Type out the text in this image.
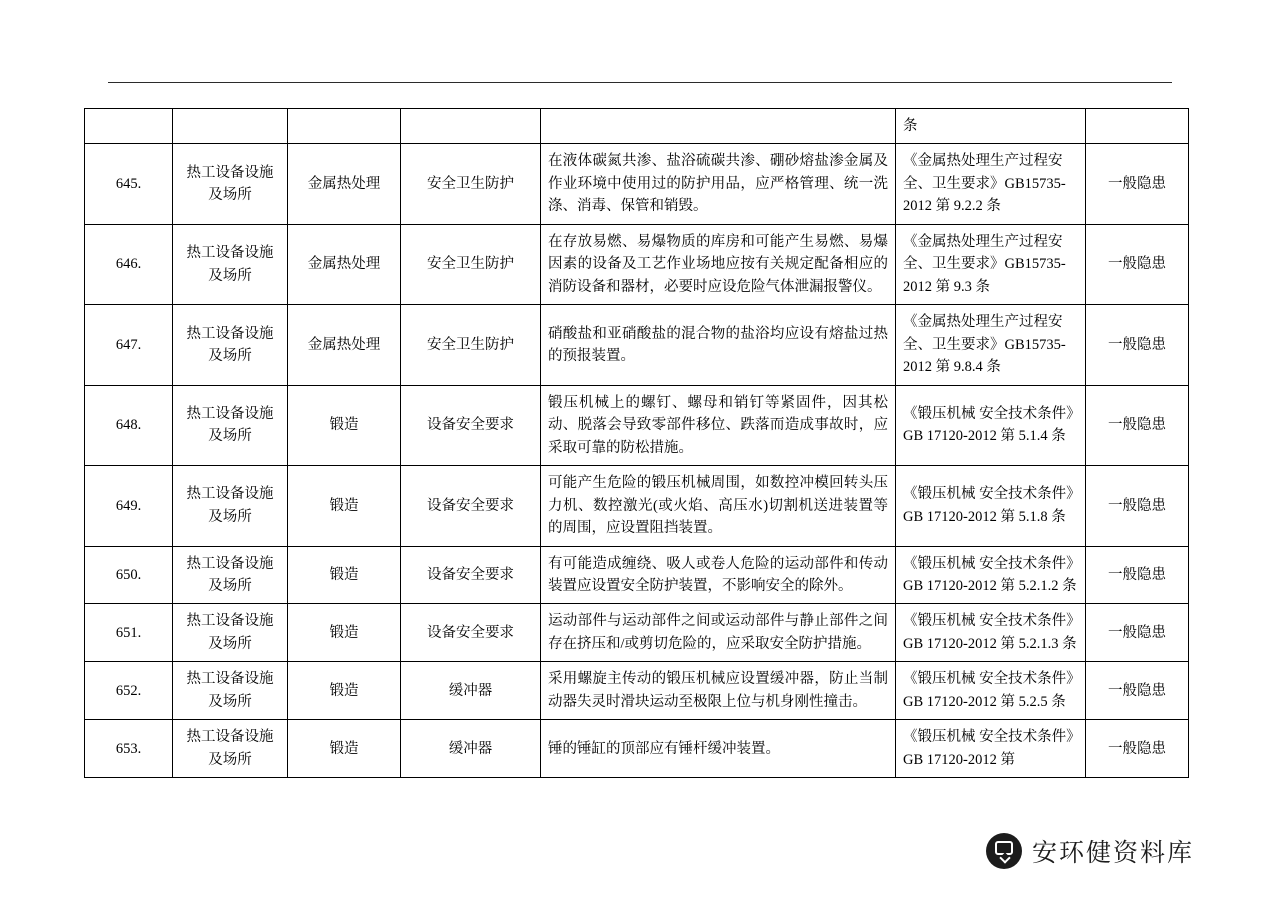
					条	
645.	热工设备设施及场所	金属热处理	安全卫生防护	在液体碳氮共渗、盐浴硫碳共渗、硼砂熔盐渗金属及作业环境中使用过的防护用品，应严格管理、统一洗涤、消毒、保管和销毁。	《金属热处理生产过程安全、卫生要求》GB15735-2012 第 9.2.2 条	一般隐患
646.	热工设备设施及场所	金属热处理	安全卫生防护	在存放易燃、易爆物质的库房和可能产生易燃、易爆因素的设备及工艺作业场地应按有关规定配备相应的消防设备和器材，必要时应设危险气体泄漏报警仪。	《金属热处理生产过程安全、卫生要求》GB15735-2012 第 9.3 条	一般隐患
647.	热工设备设施及场所	金属热处理	安全卫生防护	硝酸盐和亚硝酸盐的混合物的盐浴均应设有熔盐过热的预报装置。	《金属热处理生产过程安全、卫生要求》GB15735-2012 第 9.8.4 条	一般隐患
648.	热工设备设施及场所	锻造	设备安全要求	锻压机械上的螺钉、螺母和销钉等紧固件，因其松动、脱落会导致零部件移位、跌落而造成事故时，应采取可靠的防松措施。	《锻压机械 安全技术条件》GB 17120-2012 第 5.1.4 条	一般隐患
649.	热工设备设施及场所	锻造	设备安全要求	可能产生危险的锻压机械周围，如数控冲模回转头压力机、数控激光(或火焰、高压水)切割机送进装置等的周围，应设置阻挡装置。	《锻压机械 安全技术条件》GB 17120-2012 第 5.1.8 条	一般隐患
650.	热工设备设施及场所	锻造	设备安全要求	有可能造成缠绕、吸人或卷人危险的运动部件和传动装置应设置安全防护装置，不影响安全的除外。	《锻压机械 安全技术条件》GB 17120-2012 第 5.2.1.2 条	一般隐患
651.	热工设备设施及场所	锻造	设备安全要求	运动部件与运动部件之间或运动部件与静止部件之间存在挤压和/或剪切危险的，应采取安全防护措施。	《锻压机械 安全技术条件》GB 17120-2012 第 5.2.1.3 条	一般隐患
652.	热工设备设施及场所	锻造	缓冲器	采用螺旋主传动的锻压机械应设置缓冲器，防止当制动器失灵时滑块运动至极限上位与机身刚性撞击。	《锻压机械 安全技术条件》GB 17120-2012 第 5.2.5 条	一般隐患
653.	热工设备设施及场所	锻造	缓冲器	锤的锤缸的顶部应有锤杆缓冲装置。	《锻压机械 安全技术条件》GB 17120-2012 第	一般隐患
安环健资料库
